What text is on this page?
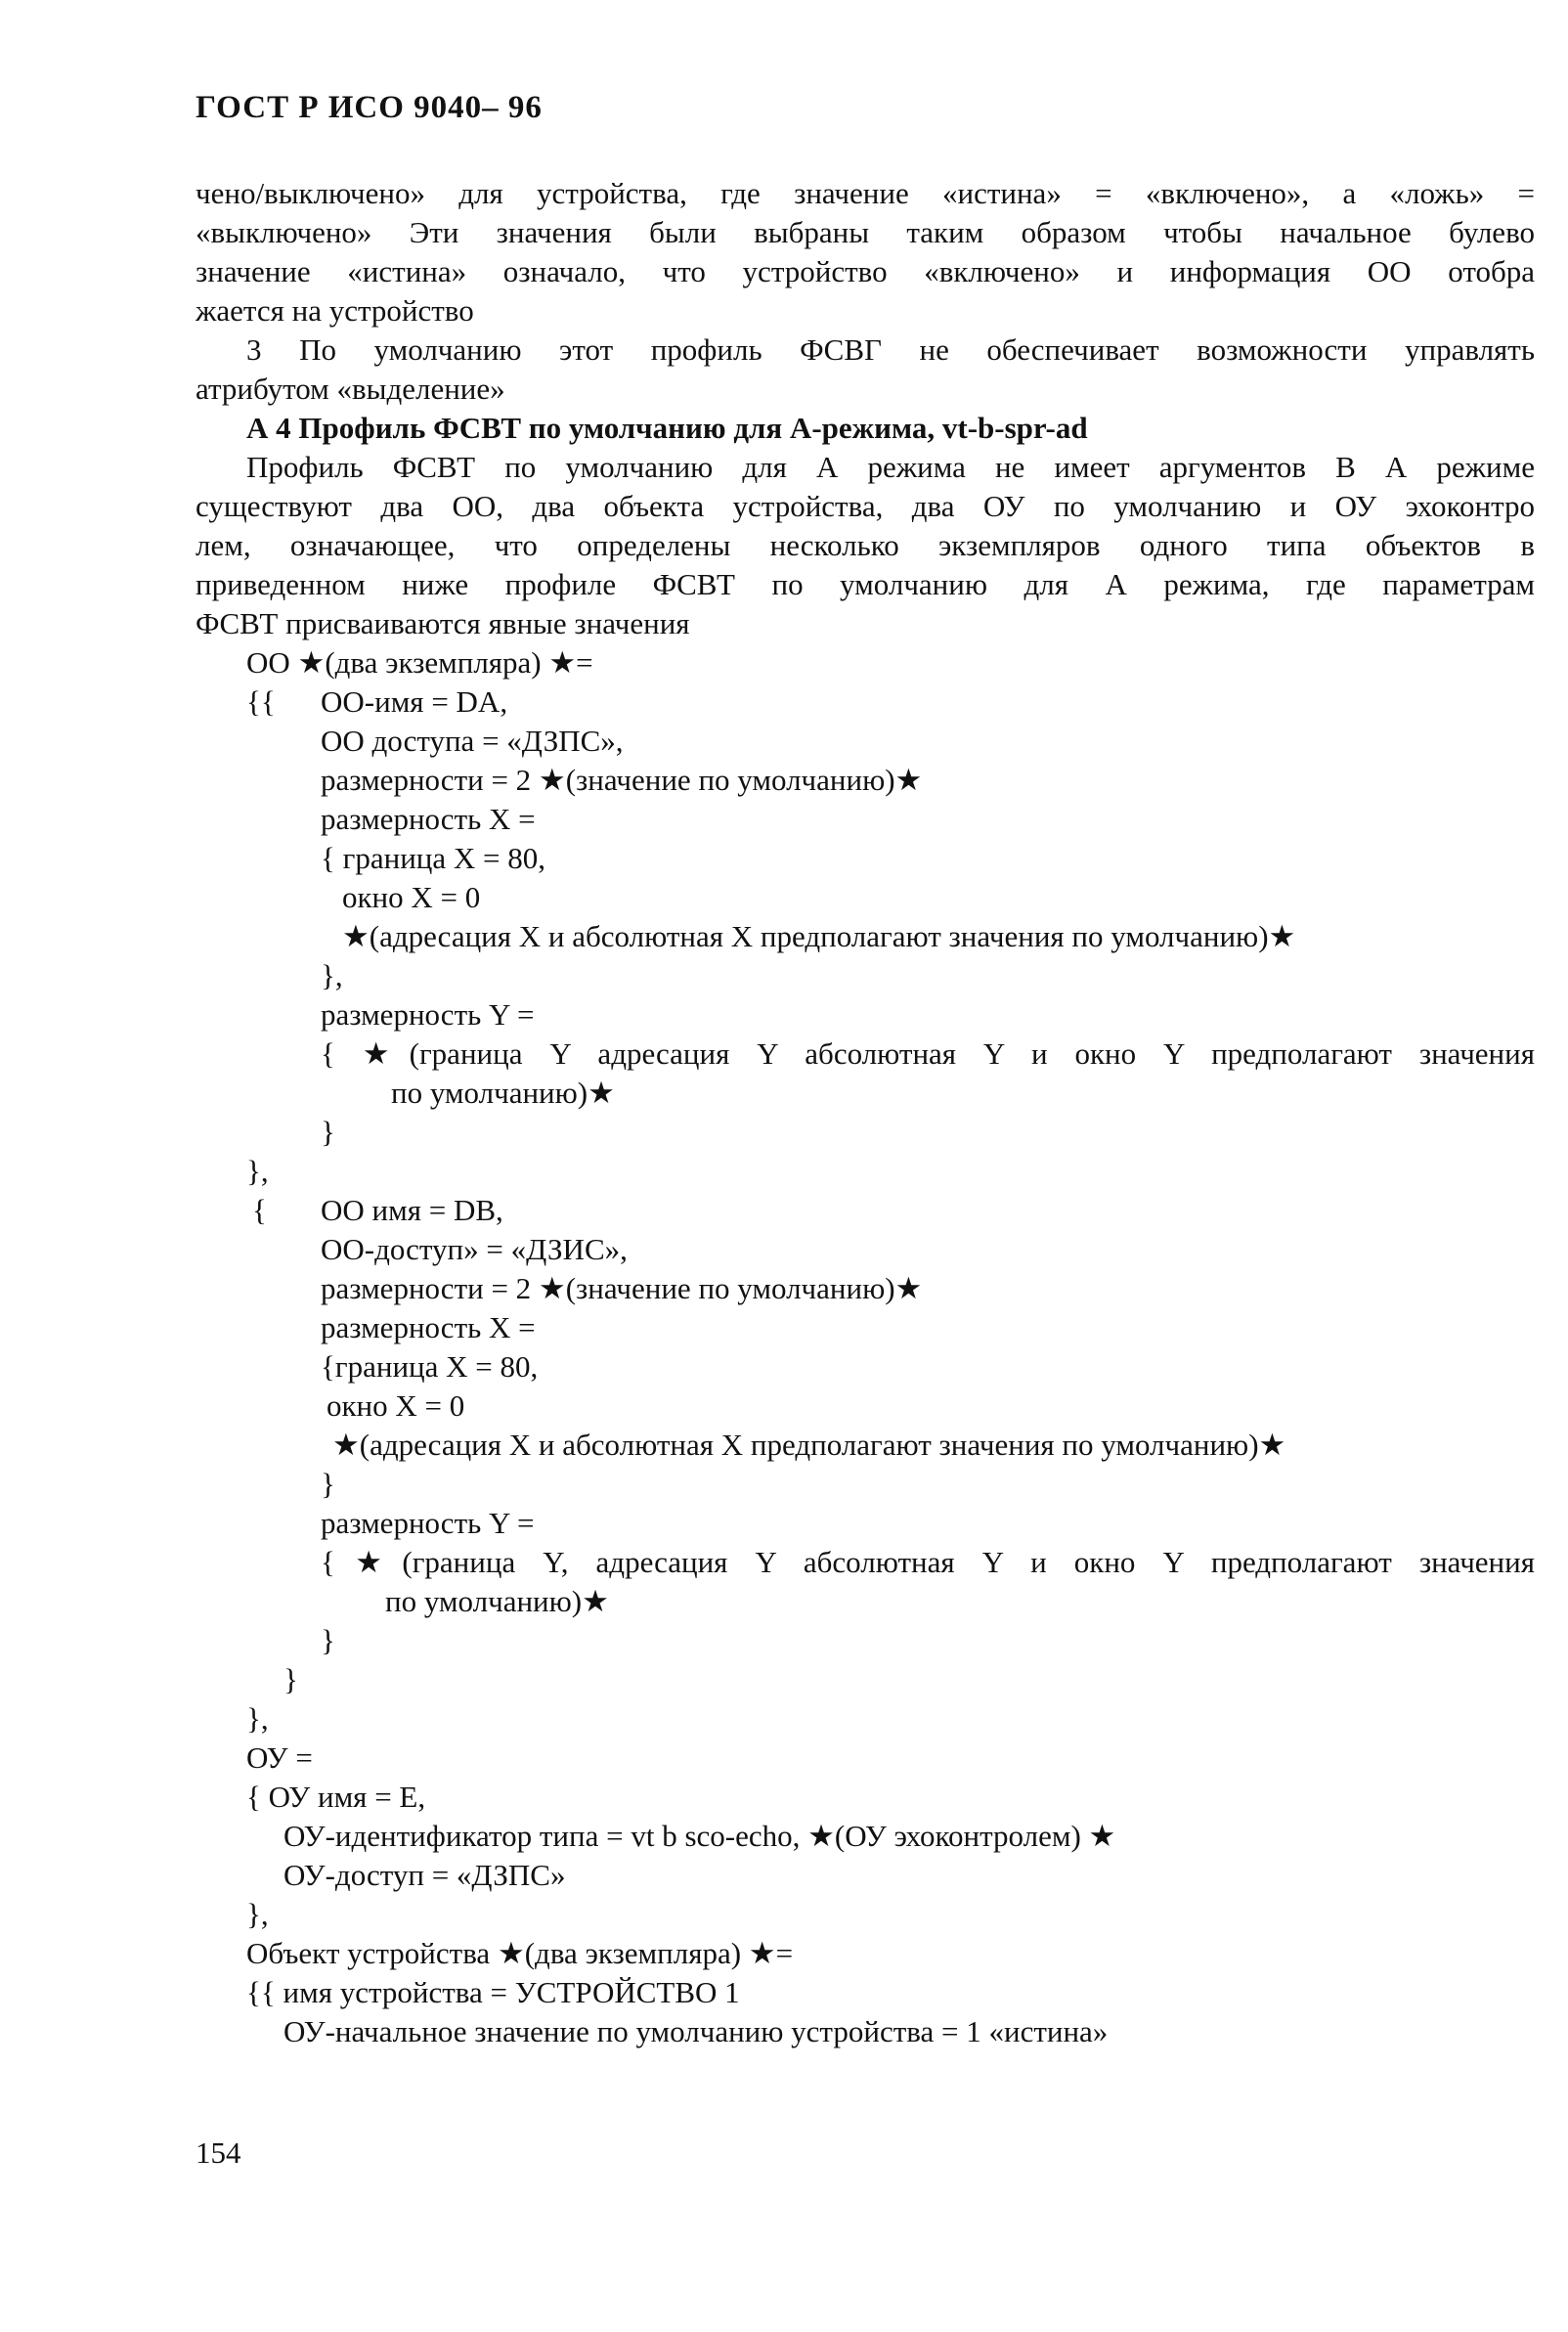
ГОСТ Р ИСО 9040– 96
чено/выключено» для устройства, где значение «истина» = «включено», а «ложь» =
«выключено» Эти значения были выбраны таким образом чтобы начальное булево
значение «истина» означало, что устройство «включено» и информация ОО отобра
жается на устройство
3 По умолчанию этот профиль ФСВГ не обеспечивает возможности управлять
атрибутом «выделение»
А 4 Профиль ФСВТ по умолчанию для А-режима, vt-b-spr-ad
Профиль ФСВТ по умолчанию для А режима не имеет аргументов В А режиме
существуют два ОО, два объекта устройства, два ОУ по умолчанию и ОУ эхоконтро
лем, означающее, что определены несколько экземпляров одного типа объектов в
приведенном ниже профиле ФСВТ по умолчанию для А режима, где параметрам
ФСВТ присваиваются явные значения
ОО ★(два экземпляра) ★=
{{ ОО-имя = DA,
ОО доступа = «ДЗПС»,
размерности = 2 ★(значение по умолчанию)★
размерность X =
{ граница X = 80,
окно X = 0
★(адресация X и абсолютная X предполагают значения по умолчанию)★
},
размерность Y =
{ ★(граница Y адресация Y абсолютная Y и окно Y предполагают значения
по умолчанию)★
}
},
{ ОО имя = DB,
ОО-доступ» = «ДЗИС»,
размерности = 2 ★(значение по умолчанию)★
размерность X =
{граница X = 80,
окно X = 0
★(адресация X и абсолютная X предполагают значения по умолчанию)★
}
размерность Y =
{★(граница Y, адресация Y абсолютная Y и окно Y предполагают значения
по умолчанию)★
}
}
},
ОУ =
{ ОУ имя = E,
ОУ-идентификатор типа = vt b sco-echo, ★(ОУ эхоконтролем) ★
ОУ-доступ = «ДЗПС»
},
Объект устройства ★(два экземпляра) ★=
{{ имя устройства = УСТРОЙСТВО 1
ОУ-начальное значение по умолчанию устройства = 1 «истина»
154
